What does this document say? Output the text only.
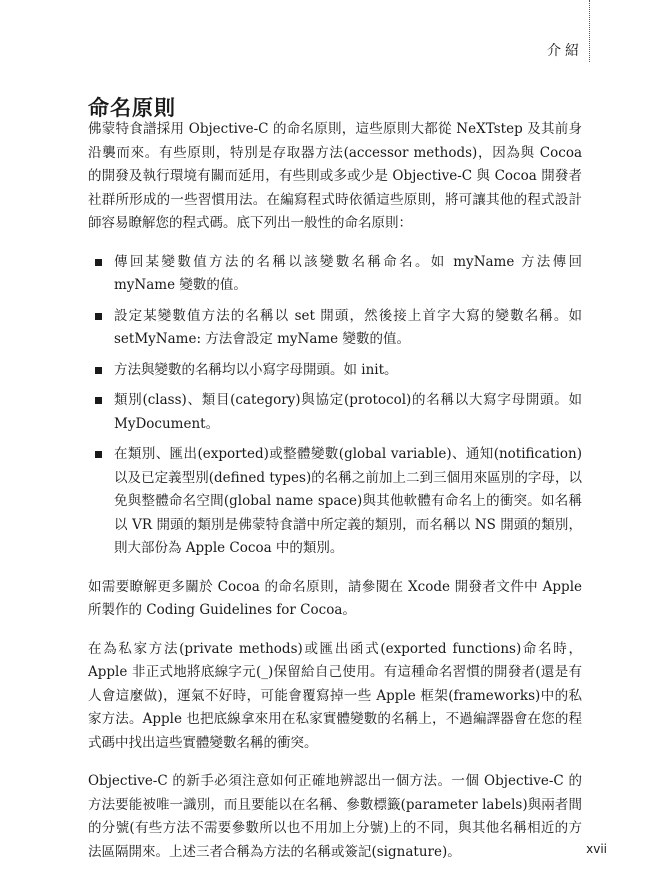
介紹
命名原則

佛蒙特食譜採用 Objective-C 的命名原則，這些原則大都從 NeXTstep 及其前身沿襲而來。有些原則，特別是存取器方法(accessor methods)，因為與 Cocoa 的開發及執行環境有關而延用，有些則或多或少是 Objective-C 與 Cocoa 開發者社群所形成的一些習慣用法。在編寫程式時依循這些原則，將可讓其他的程式設計師容易瞭解您的程式碼。底下列出一般性的命名原則：

傳回某變數值方法的名稱以該變數名稱命名。如 myName 方法傳回 myName 變數的值。
設定某變數值方法的名稱以 set 開頭，然後接上首字大寫的變數名稱。如 setMyName: 方法會設定 myName 變數的值。
方法與變數的名稱均以小寫字母開頭。如 init。
類別(class)、類目(category)與協定(protocol)的名稱以大寫字母開頭。如 MyDocument。
在類別、匯出(exported)或整體變數(global variable)、通知(notification)以及已定義型別(defined types)的名稱之前加上二到三個用來區別的字母，以免與整體命名空間(global name space)與其他軟體有命名上的衝突。如名稱以 VR 開頭的類別是佛蒙特食譜中所定義的類別，而名稱以 NS 開頭的類別，則大部份為 Apple Cocoa 中的類別。

如需要瞭解更多關於 Cocoa 的命名原則，請參閱在 Xcode 開發者文件中 Apple 所製作的 Coding Guidelines for Cocoa。

在為私家方法(private methods)或匯出函式(exported functions)命名時，Apple 非正式地將底線字元(_)保留給自己使用。有這種命名習慣的開發者(還是有人會這麼做)，運氣不好時，可能會覆寫掉一些 Apple 框架(frameworks)中的私家方法。Apple 也把底線拿來用在私家實體變數的名稱上，不過編譯器會在您的程式碼中找出這些實體變數名稱的衝突。

Objective-C 的新手必須注意如何正確地辨認出一個方法。一個 Objective-C 的方法要能被唯一識別，而且要能以在名稱、參數標籤(parameter labels)與兩者間的分號(有些方法不需要參數所以也不用加上分號)上的不同，與其他名稱相近的方法區隔開來。上述三者合稱為方法的名稱或簽記(signature)。	xvii
